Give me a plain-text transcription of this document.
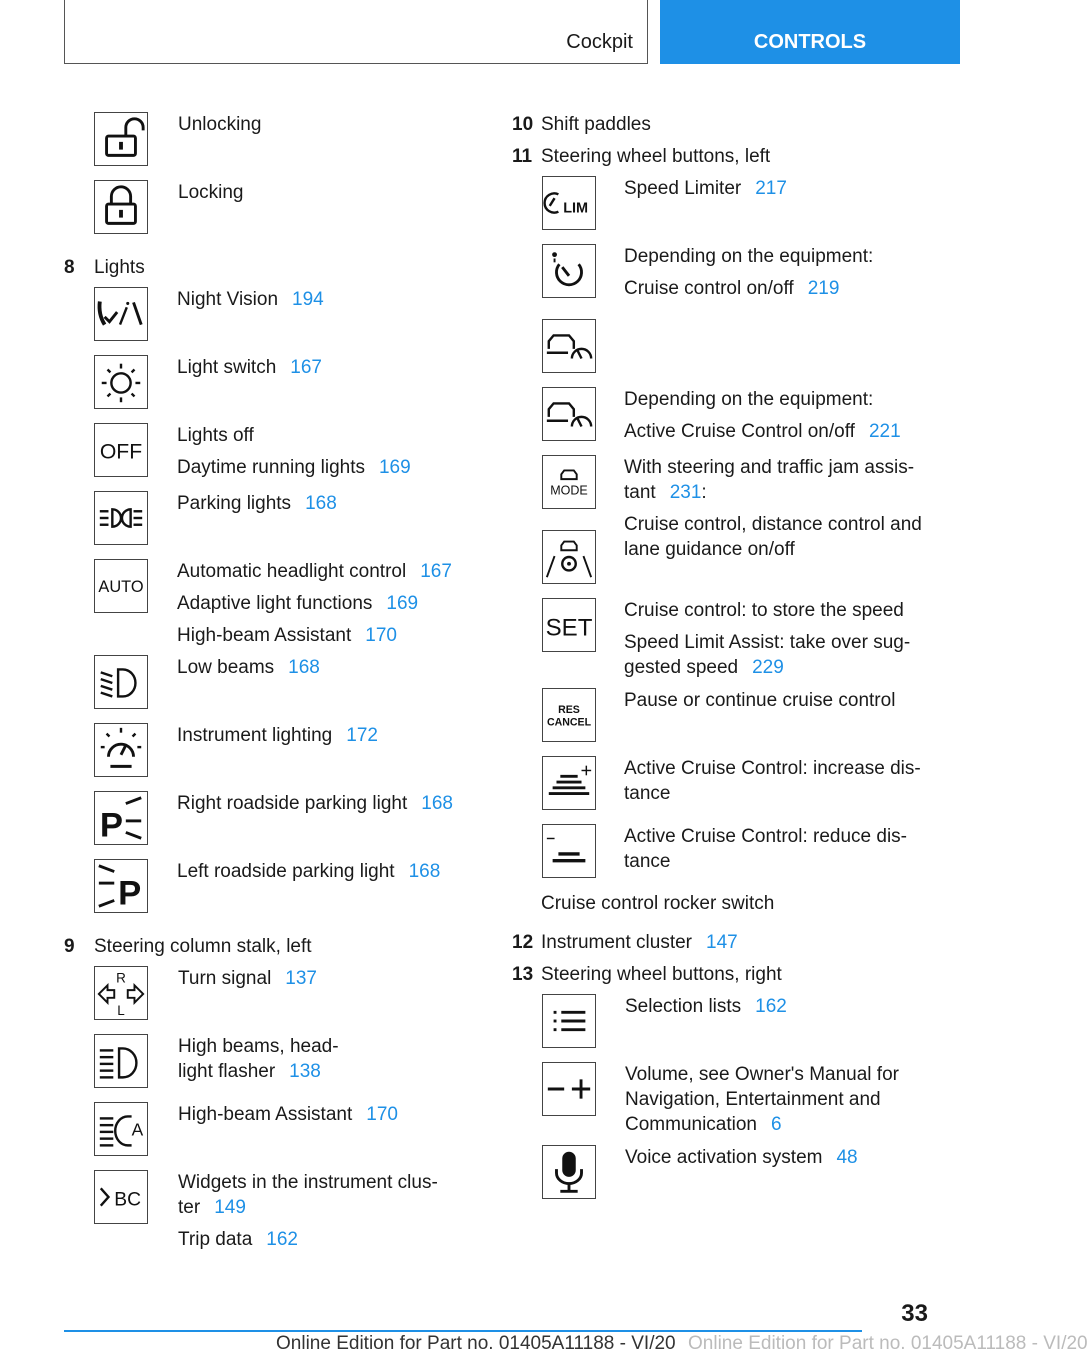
Cockpit	CONTROLS
Unlocking
Locking
8 Lights
Night Vision 194
Light switch 167
OFF
Lights off
Daytime running lights 169
Parking lights 168
AUTO
Automatic headlight control 167
Adaptive light functions 169
High-beam Assistant 170
Low beams 168
Instrument lighting 172
P
Right roadside parking light 168
P
Left roadside parking light 168
9 Steering column stalk, left
R
L
Turn signal 137
High beams, head-
light flasher 138
A
High-beam Assistant 170
BC
Widgets in the instrument clus-
ter 149
Trip data 162
10 Shift paddles
11 Steering wheel buttons, left
LIM
Speed Limiter 217
Depending on the equipment:
Cruise control on/off 219
Depending on the equipment:
Active Cruise Control on/off 221
MODE
With steering and traffic jam assis-
tant 231:
Cruise control, distance control and
lane guidance on/off
SET
Cruise control: to store the speed
Speed Limit Assist: take over sug-
gested speed 229
RES
CANCEL
Pause or continue cruise control
Active Cruise Control: increase dis-
tance
Active Cruise Control: reduce dis-
tance
Cruise control rocker switch
12 Instrument cluster 147
13 Steering wheel buttons, right
Selection lists 162
Volume, see Owner's Manual for
Navigation, Entertainment and
Communication 6
Voice activation system 48
33
Online Edition for Part no. 01405A11188 - VI/20 Online Edition for Part no. 01405A11188 - VI/20
